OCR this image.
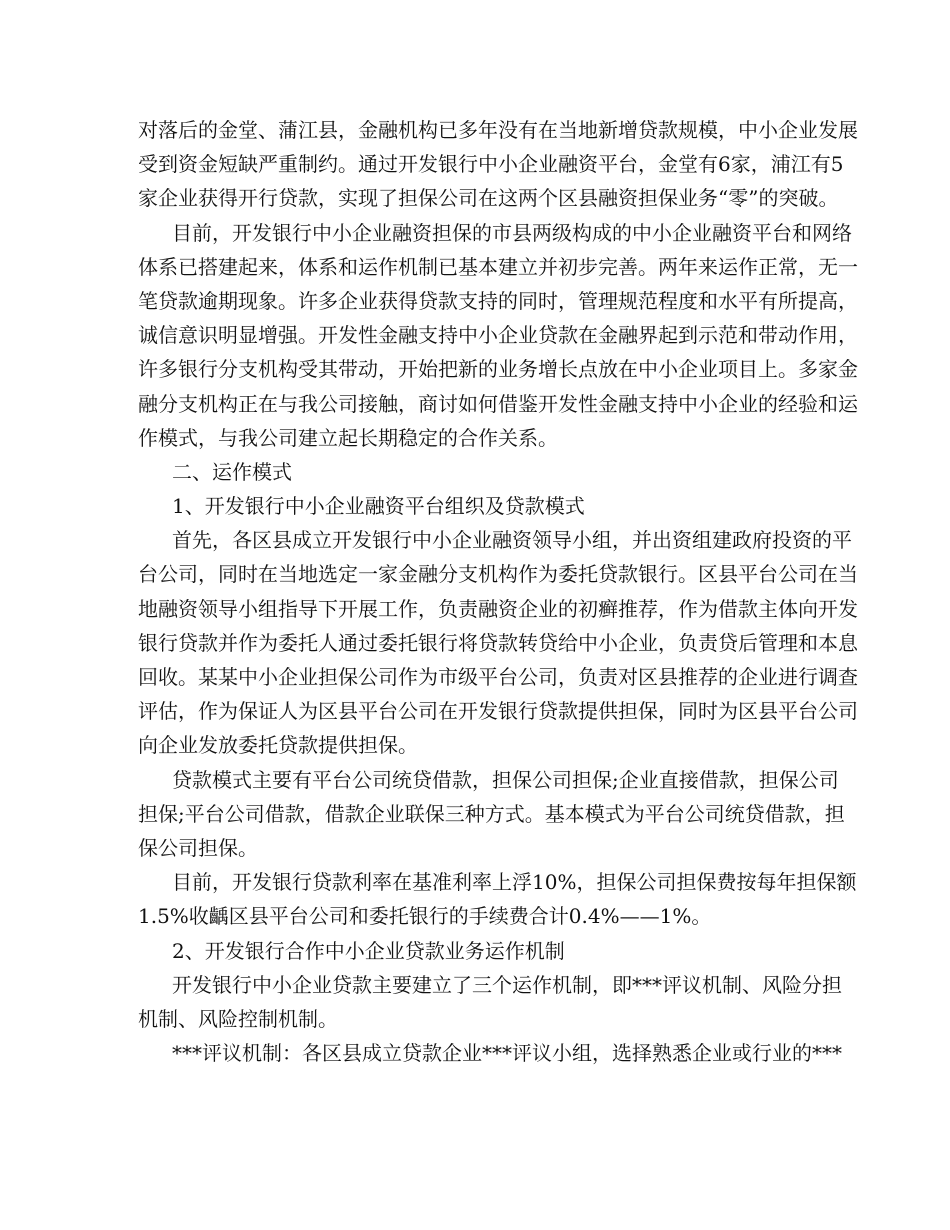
对落后的金堂、蒲江县，金融机构已多年没有在当地新增贷款规模，中小企业发展
受到资金短缺严重制约。通过开发银行中小企业融资平台，金堂有6家，浦江有5
家企业获得开行贷款，实现了担保公司在这两个区县融资担保业务“零”的突破。
目前，开发银行中小企业融资担保的市县两级构成的中小企业融资平台和网络
体系已搭建起来，体系和运作机制已基本建立并初步完善。两年来运作正常，无一
笔贷款逾期现象。许多企业获得贷款支持的同时，管理规范程度和水平有所提高，
诚信意识明显增强。开发性金融支持中小企业贷款在金融界起到示范和带动作用，
许多银行分支机构受其带动，开始把新的业务增长点放在中小企业项目上。多家金
融分支机构正在与我公司接触，商讨如何借鉴开发性金融支持中小企业的经验和运
作模式，与我公司建立起长期稳定的合作关系。
二、运作模式
1、开发银行中小企业融资平台组织及贷款模式
首先，各区县成立开发银行中小企业融资领导小组，并出资组建政府投资的平
台公司，同时在当地选定一家金融分支机构作为委托贷款银行。区县平台公司在当
地融资领导小组指导下开展工作，负责融资企业的初癣推荐，作为借款主体向开发
银行贷款并作为委托人通过委托银行将贷款转贷给中小企业，负责贷后管理和本息
回收。某某中小企业担保公司作为市级平台公司，负责对区县推荐的企业进行调查
评估，作为保证人为区县平台公司在开发银行贷款提供担保，同时为区县平台公司
向企业发放委托贷款提供担保。
贷款模式主要有平台公司统贷借款，担保公司担保;企业直接借款，担保公司
担保;平台公司借款，借款企业联保三种方式。基本模式为平台公司统贷借款，担
保公司担保。
目前，开发银行贷款利率在基准利率上浮10%，担保公司担保费按每年担保额
1.5%收齲区县平台公司和委托银行的手续费合计0.4%——1%。
2、开发银行合作中小企业贷款业务运作机制
开发银行中小企业贷款主要建立了三个运作机制，即***评议机制、风险分担
机制、风险控制机制。
***评议机制：各区县成立贷款企业***评议小组，选择熟悉企业或行业的***
